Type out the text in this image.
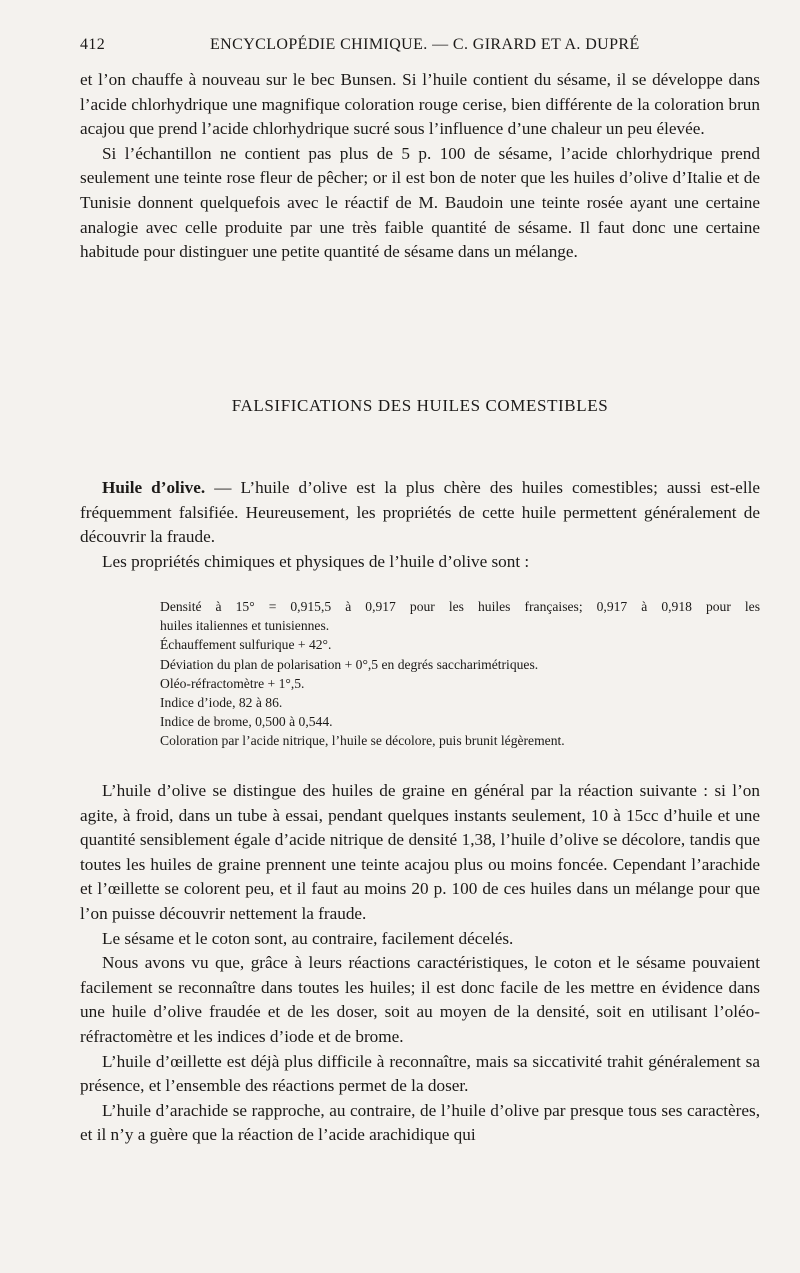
412	ENCYCLOPÉDIE CHIMIQUE. — C. GIRARD ET A. DUPRÉ

et l’on chauffe à nouveau sur le bec Bunsen. Si l’huile contient du sésame, il se développe dans l’acide chlorhydrique une magnifique coloration rouge cerise, bien différente de la coloration brun acajou que prend l’acide chlorhydrique sucré sous l’influence d’une chaleur un peu élevée.

Si l’échantillon ne contient pas plus de 5 p. 100 de sésame, l’acide chlorhydrique prend seulement une teinte rose fleur de pêcher; or il est bon de noter que les huiles d’olive d’Italie et de Tunisie donnent quelquefois avec le réactif de M. Baudoin une teinte rosée ayant une certaine analogie avec celle produite par une très faible quantité de sésame. Il faut donc une certaine habitude pour distinguer une petite quantité de sésame dans un mélange.

FALSIFICATIONS DES HUILES COMESTIBLES

Huile d’olive. — L’huile d’olive est la plus chère des huiles comestibles; aussi est-elle fréquemment falsifiée. Heureusement, les propriétés de cette huile permettent généralement de découvrir la fraude.

Les propriétés chimiques et physiques de l’huile d’olive sont :

Densité à 15° = 0,915,5 à 0,917 pour les huiles françaises; 0,917 à 0,918 pour les
huiles italiennes et tunisiennes.
Échauffement sulfurique + 42°.
Déviation du plan de polarisation + 0°,5 en degrés saccharimétriques.
Oléo-réfractomètre + 1°,5.
Indice d’iode, 82 à 86.
Indice de brome, 0,500 à 0,544.
Coloration par l’acide nitrique, l’huile se décolore, puis brunit légèrement.

L’huile d’olive se distingue des huiles de graine en général par la réaction suivante : si l’on agite, à froid, dans un tube à essai, pendant quelques instants seulement, 10 à 15cc d’huile et une quantité sensiblement égale d’acide nitrique de densité 1,38, l’huile d’olive se décolore, tandis que toutes les huiles de graine prennent une teinte acajou plus ou moins foncée. Cependant l’arachide et l’œillette se colorent peu, et il faut au moins 20 p. 100 de ces huiles dans un mélange pour que l’on puisse découvrir nettement la fraude.

Le sésame et le coton sont, au contraire, facilement décelés.

Nous avons vu que, grâce à leurs réactions caractéristiques, le coton et le sésame pouvaient facilement se reconnaître dans toutes les huiles; il est donc facile de les mettre en évidence dans une huile d’olive fraudée et de les doser, soit au moyen de la densité, soit en utilisant l’oléo-réfractomètre et les indices d’iode et de brome.

L’huile d’œillette est déjà plus difficile à reconnaître, mais sa siccativité trahit généralement sa présence, et l’ensemble des réactions permet de la doser.

L’huile d’arachide se rapproche, au contraire, de l’huile d’olive par presque tous ses caractères, et il n’y a guère que la réaction de l’acide arachidique qui
